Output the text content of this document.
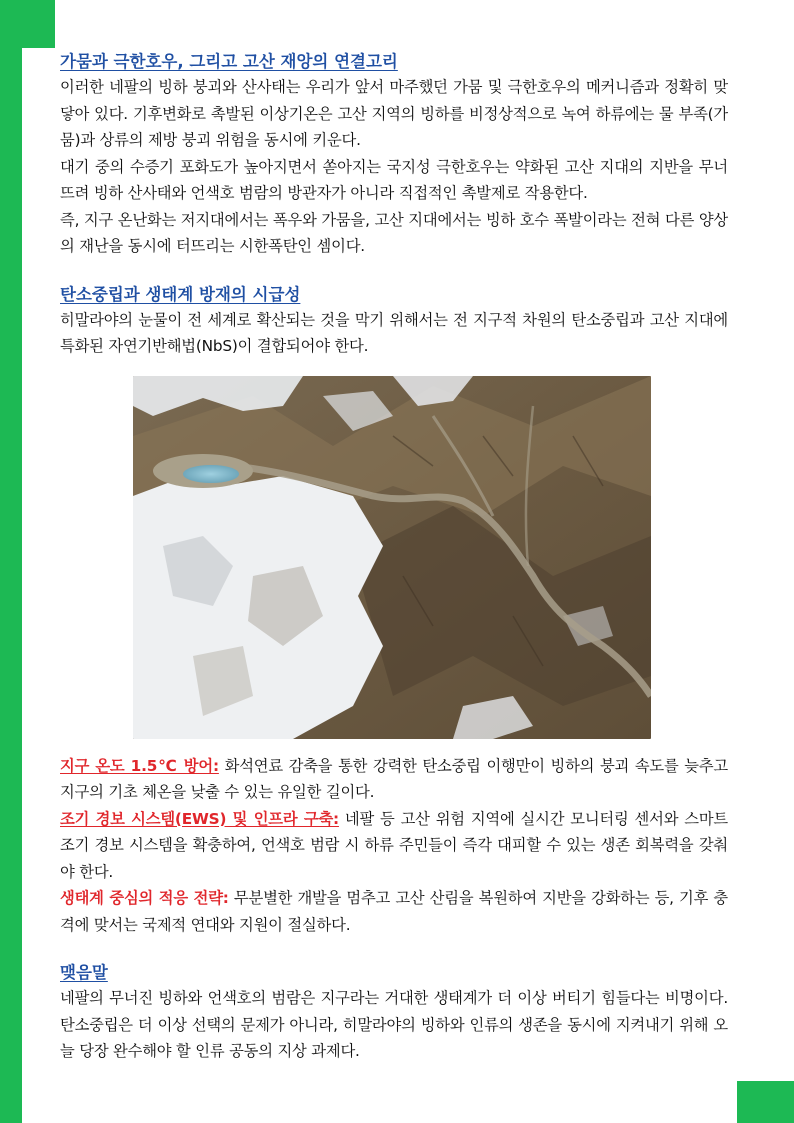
가뭄과 극한호우, 그리고 고산 재앙의 연결고리

이러한 네팔의 빙하 붕괴와 산사태는 우리가 앞서 마주했던 가뭄 및 극한호우의 메커니즘과 정확히 맞닿아 있다. 기후변화로 촉발된 이상기온은 고산 지역의 빙하를 비정상적으로 녹여 하류에는 물 부족(가뭄)과 상류의 제방 붕괴 위험을 동시에 키운다.

대기 중의 수증기 포화도가 높아지면서 쏟아지는 국지성 극한호우는 약화된 고산 지대의 지반을 무너뜨려 빙하 산사태와 언색호 범람의 방관자가 아니라 직접적인 촉발제로 작용한다.

즉, 지구 온난화는 저지대에서는 폭우와 가뭄을, 고산 지대에서는 빙하 호수 폭발이라는 전혀 다른 양상의 재난을 동시에 터뜨리는 시한폭탄인 셈이다.

탄소중립과 생태계 방재의 시급성

히말라야의 눈물이 전 세계로 확산되는 것을 막기 위해서는 전 지구적 차원의 탄소중립과 고산 지대에 특화된 자연기반해법(NbS)이 결합되어야 한다.

지구 온도 1.5℃ 방어: 화석연료 감축을 통한 강력한 탄소중립 이행만이 빙하의 붕괴 속도를 늦추고 지구의 기초 체온을 낮출 수 있는 유일한 길이다.

조기 경보 시스템(EWS) 및 인프라 구축: 네팔 등 고산 위험 지역에 실시간 모니터링 센서와 스마트 조기 경보 시스템을 확충하여, 언색호 범람 시 하류 주민들이 즉각 대피할 수 있는 생존 회복력을 갖춰야 한다.

생태계 중심의 적응 전략: 무분별한 개발을 멈추고 고산 산림을 복원하여 지반을 강화하는 등, 기후 충격에 맞서는 국제적 연대와 지원이 절실하다.

맺음말

네팔의 무너진 빙하와 언색호의 범람은 지구라는 거대한 생태계가 더 이상 버티기 힘들다는 비명이다. 탄소중립은 더 이상 선택의 문제가 아니라, 히말라야의 빙하와 인류의 생존을 동시에 지켜내기 위해 오늘 당장 완수해야 할 인류 공동의 지상 과제다.
